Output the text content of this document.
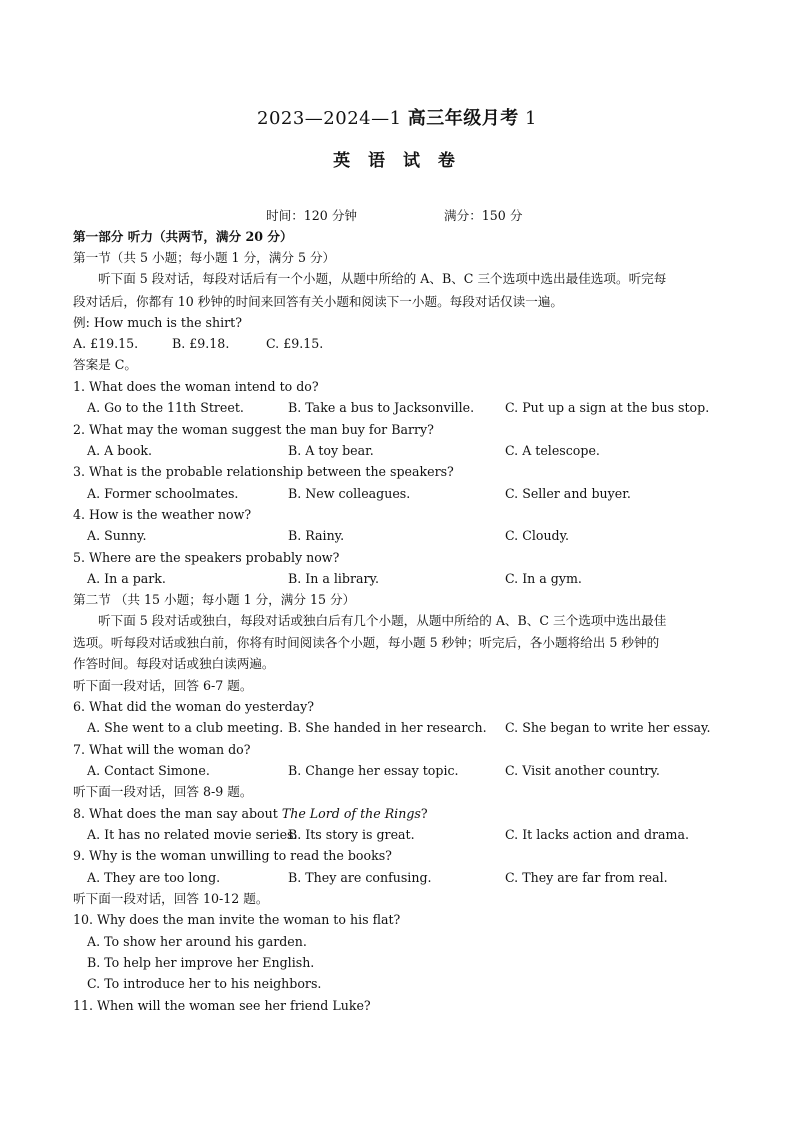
2023—2024—1 高三年级月考 1
英 语 试 卷
时间：120 分钟	满分：150 分
第一部分 听力（共两节，满分 20 分）
第一节（共 5 小题；每小题 1 分，满分 5 分）
听下面 5 段对话，每段对话后有一个小题，从题中所给的 A、B、C 三个选项中选出最佳选项。听完每
段对话后，你都有 10 秒钟的时间来回答有关小题和阅读下一小题。每段对话仅读一遍。
例: How much is the shirt?
A. £19.15.	B. £9.18.	C. £9.15.
答案是 C。
1. What does the woman intend to do?
A. Go to the 11th Street.	B. Take a bus to Jacksonville. C. Put up a sign at the bus stop.
2. What may the woman suggest the man buy for Barry?
A. A book.	B. A toy bear.	C. A telescope.
3. What is the probable relationship between the speakers?
A. Former schoolmates.	B. New colleagues.	C. Seller and buyer.
4. How is the weather now?
A. Sunny.	B. Rainy.	C. Cloudy.
5. Where are the speakers probably now?
A. In a park.	B. In a library.	C. In a gym.
第二节 （共 15 小题；每小题 1 分，满分 15 分）
听下面 5 段对话或独白，每段对话或独白后有几个小题，从题中所给的 A、B、C 三个选项中选出最佳
选项。听每段对话或独白前，你将有时间阅读各个小题，每小题 5 秒钟；听完后，各小题将给出 5 秒钟的
作答时间。每段对话或独白读两遍。
听下面一段对话，回答 6-7 题。
6. What did the woman do yesterday?
A. She went to a club meeting. B. She handed in her research. C. She began to write her essay.
7. What will the woman do?
A. Contact Simone.	B. Change her essay topic.	C. Visit another country.
听下面一段对话，回答 8-9 题。
8. What does the man say about The Lord of the Rings?
A. It has no related movie series.
B. Its story is great.	C. It lacks action and drama.
9. Why is the woman unwilling to read the books?
A. They are too long.	B. They are confusing.	C. They are far from real.
听下面一段对话，回答 10-12 题。
10. Why does the man invite the woman to his flat?
A. To show her around his garden.
B. To help her improve her English.
C. To introduce her to his neighbors.
11. When will the woman see her friend Luke?
